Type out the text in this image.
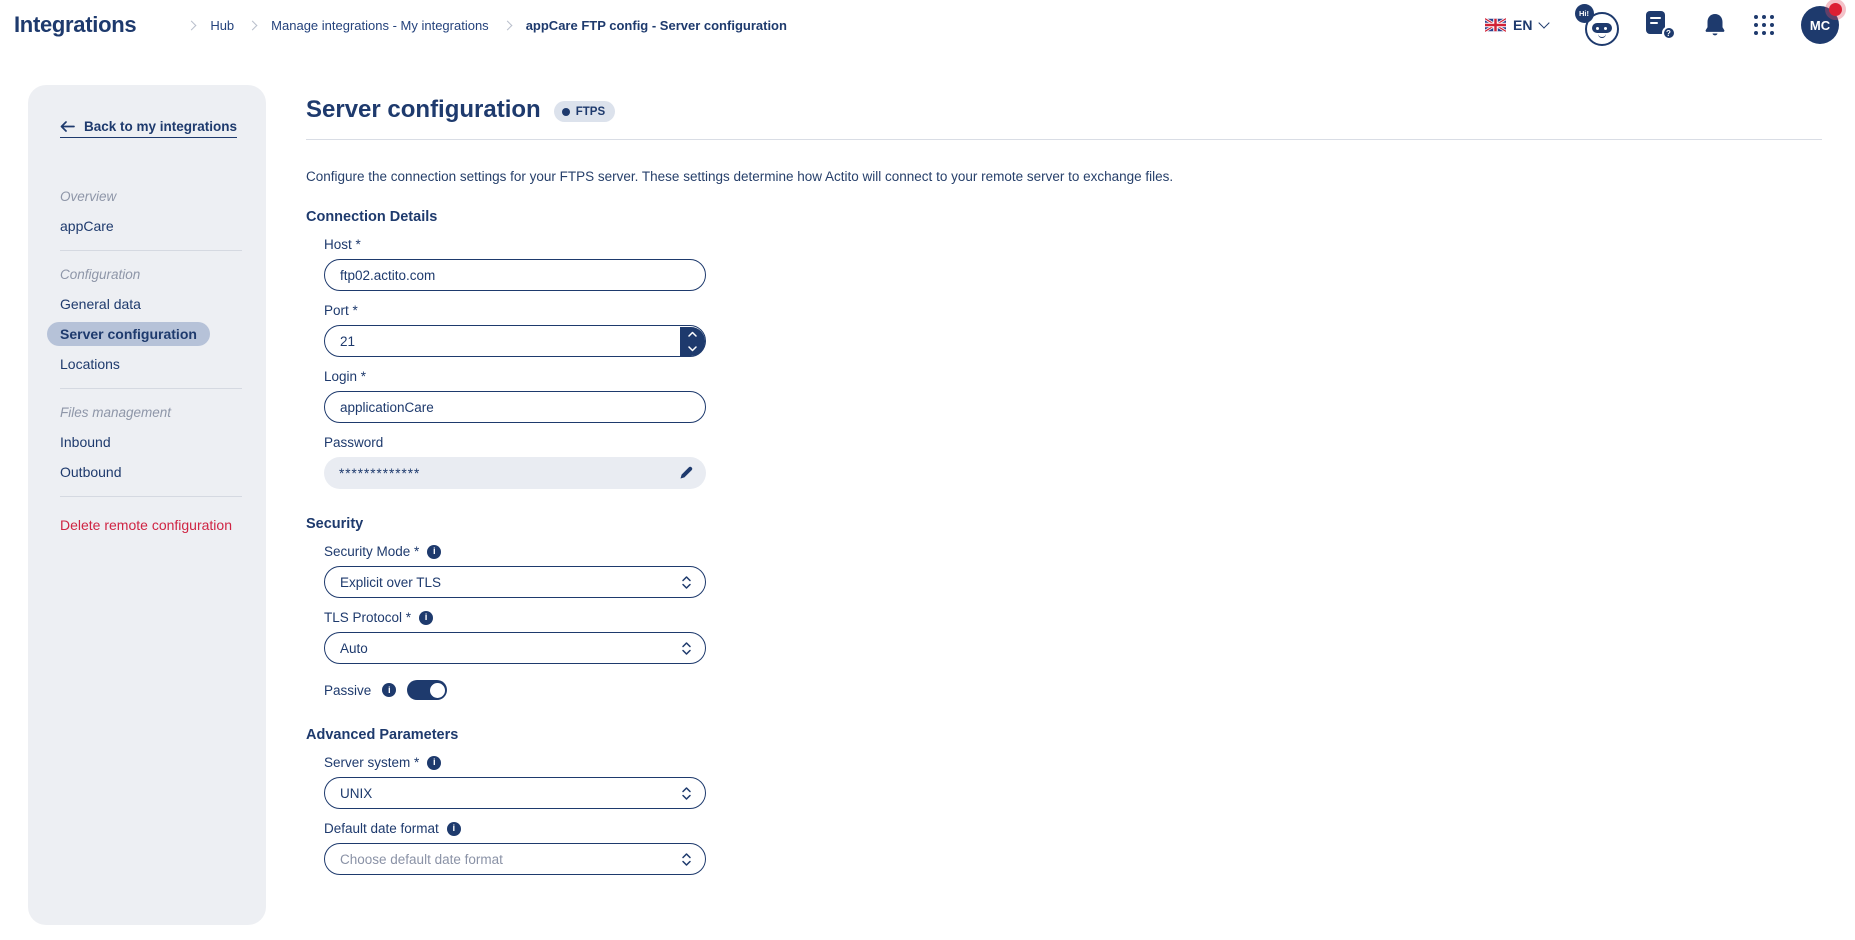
Integrations	Hub	Manage integrations - My integrations	appCare FTP config - Server configuration	EN
Hi!
?
MC
Back to my integrations
Overview
appCare
Configuration
General data
Server configuration
Locations
Files management
Inbound
Outbound
Delete remote configuration
Server configuration	FTPS

Configure the connection settings for your FTPS server. These settings determine how Actito will connect to your remote server to exchange files.

Connection Details
Host *
ftp02.actito.com
Port *
21
Login *
applicationCare
Password
*************
Security
Security Mode *	i
Explicit over TLS
TLS Protocol *	i
Auto
Passive	i
Advanced Parameters
Server system *	i
UNIX
Default date format	i
Choose default date format
